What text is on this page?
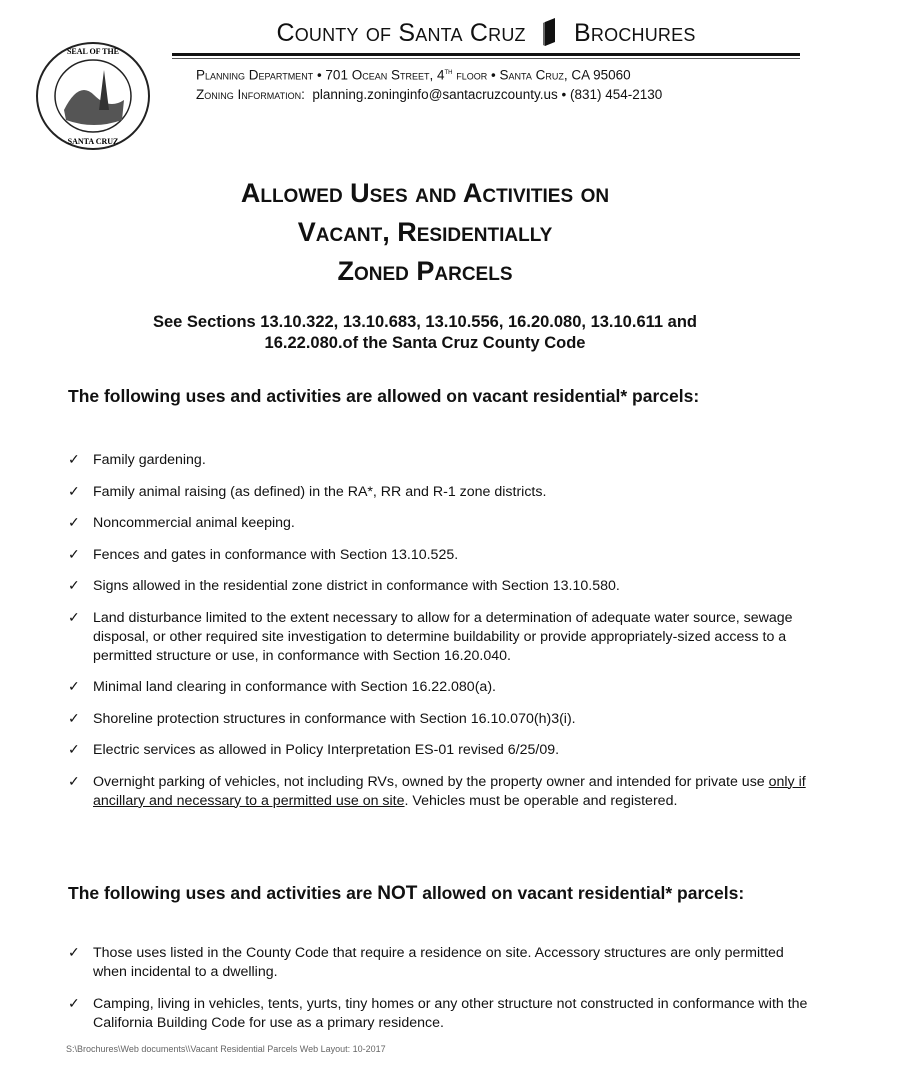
SEAL OF THE
SANTA CRUZ
County of Santa Cruz Brochures
Planning Department • 701 Ocean Street, 4th floor • Santa Cruz, CA 95060
Zoning Information: planning.zoninginfo@santacruzcounty.us • (831) 454-2130
Allowed Uses and Activities on
Vacant, Residentially
Zoned Parcels
See Sections 13.10.322, 13.10.683, 13.10.556, 16.20.080, 13.10.611 and
16.22.080.of the Santa Cruz County Code
The following uses and activities are allowed on vacant residential* parcels:
✓ Family gardening.
✓ Family animal raising (as defined) in the RA*, RR and R-1 zone districts.
✓ Noncommercial animal keeping.
✓ Fences and gates in conformance with Section 13.10.525.
✓ Signs allowed in the residential zone district in conformance with Section 13.10.580.
✓ Land disturbance limited to the extent necessary to allow for a determination of adequate water source, sewage disposal, or other required site investigation to determine buildability or provide appropriately-sized access to a permitted structure or use, in conformance with Section 16.20.040.
✓ Minimal land clearing in conformance with Section 16.22.080(a).
✓ Shoreline protection structures in conformance with Section 16.10.070(h)3(i).
✓ Electric services as allowed in Policy Interpretation ES-01 revised 6/25/09.
✓ Overnight parking of vehicles, not including RVs, owned by the property owner and intended for private use only if ancillary and necessary to a permitted use on site. Vehicles must be operable and registered.
The following uses and activities are NOT allowed on vacant residential* parcels:
✓ Those uses listed in the County Code that require a residence on site. Accessory structures are only permitted when incidental to a dwelling.
✓ Camping, living in vehicles, tents, yurts, tiny homes or any other structure not constructed in conformance with the California Building Code for use as a primary residence.
S:\Brochures\Web documents\\Vacant Residential Parcels Web Layout: 10-2017
